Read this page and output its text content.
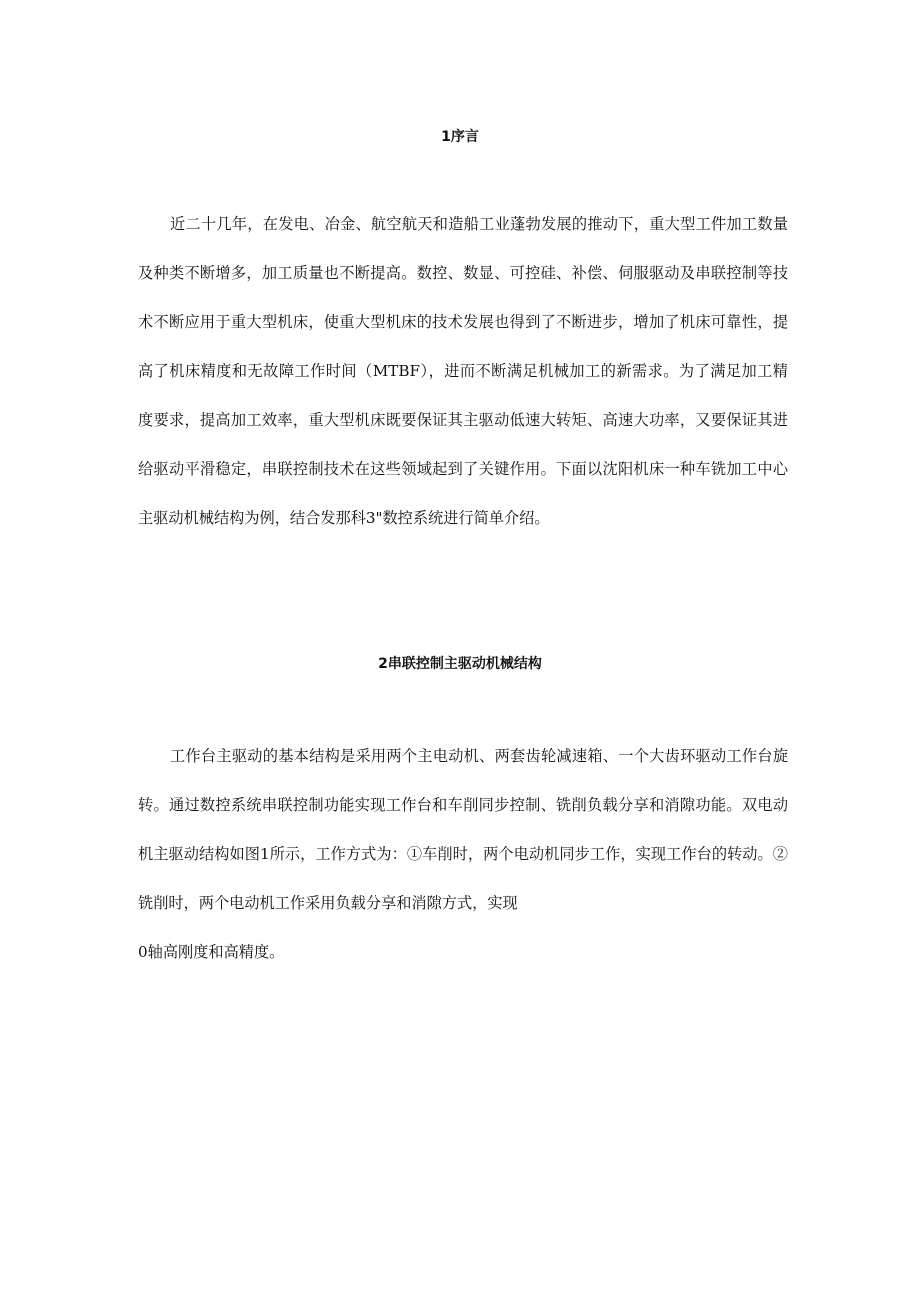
1序言
近二十几年，在发电、冶金、航空航天和造船工业蓬勃发展的推动下，重大型工件加工数量
及种类不断增多，加工质量也不断提高。数控、数显、可控硅、补偿、伺服驱动及串联控制等技
术不断应用于重大型机床，使重大型机床的技术发展也得到了不断进步，增加了机床可靠性，提
高了机床精度和无故障工作时间（MTBF），进而不断满足机械加工的新需求。为了满足加工精
度要求，提高加工效率，重大型机床既要保证其主驱动低速大转矩、高速大功率，又要保证其进
给驱动平滑稳定，串联控制技术在这些领域起到了关键作用。下面以沈阳机床一种车铣加工中心
主驱动机械结构为例，结合发那科3"数控系统进行简单介绍。
2串联控制主驱动机械结构
工作台主驱动的基本结构是采用两个主电动机、两套齿轮减速箱、一个大齿环驱动工作台旋
转。通过数控系统串联控制功能实现工作台和车削同步控制、铣削负载分享和消隙功能。双电动
机主驱动结构如图1所示，工作方式为：①车削时，两个电动机同步工作，实现工作台的转动。②
铣削时，两个电动机工作采用负载分享和消隙方式，实现
0轴高刚度和高精度。
